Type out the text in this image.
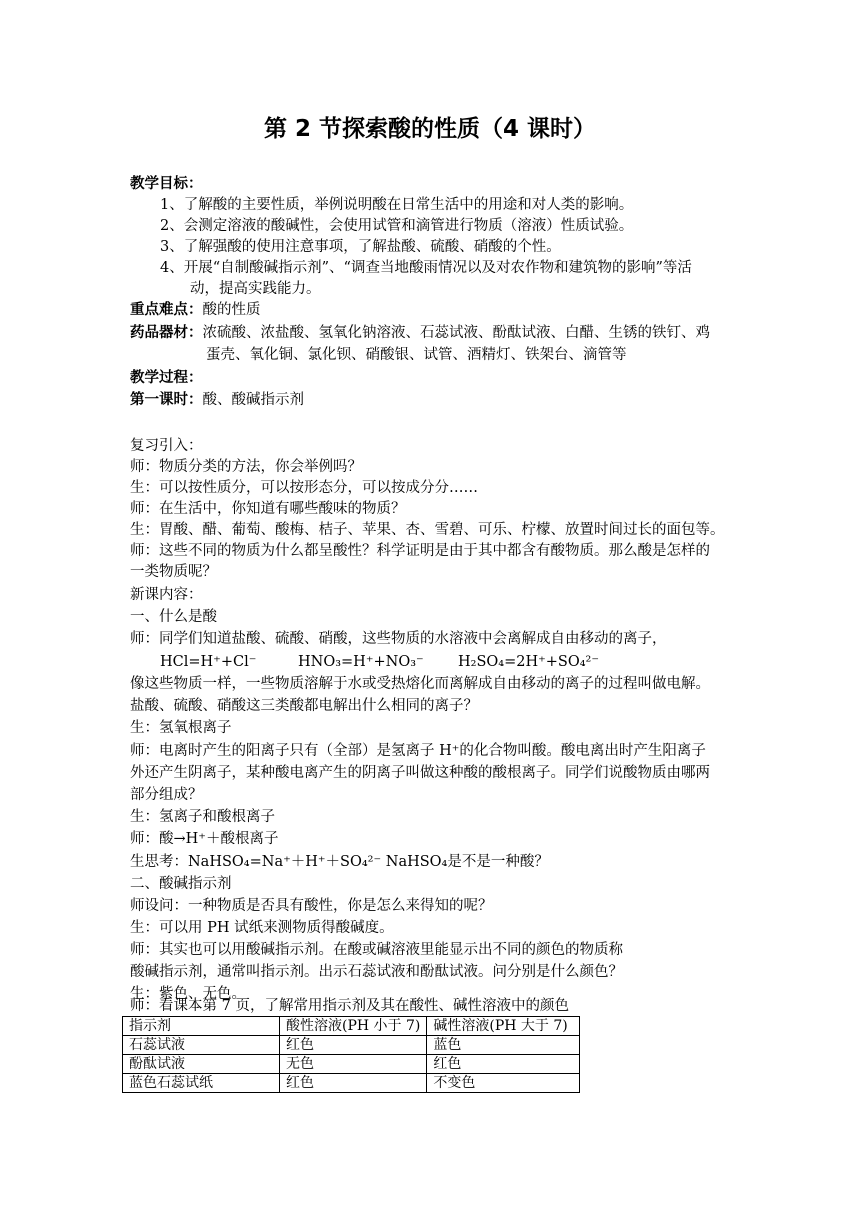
第 2 节探索酸的性质（4 课时）
教学目标：
1、了解酸的主要性质，举例说明酸在日常生活中的用途和对人类的影响。
2、会测定溶液的酸碱性，会使用试管和滴管进行物质（溶液）性质试验。
3、了解强酸的使用注意事项，了解盐酸、硫酸、硝酸的个性。
4、开展“自制酸碱指示剂”、“调查当地酸雨情况以及对农作物和建筑物的影响”等活
动，提高实践能力。
重点难点：酸的性质
药品器材：浓硫酸、浓盐酸、氢氧化钠溶液、石蕊试液、酚酞试液、白醋、生锈的铁钉、鸡
蛋壳、氧化铜、氯化钡、硝酸银、试管、酒精灯、铁架台、滴管等
教学过程：
第一课时：酸、酸碱指示剂
复习引入：
师：物质分类的方法，你会举例吗？
生：可以按性质分，可以按形态分，可以按成分分……
师：在生活中，你知道有哪些酸味的物质？
生：胃酸、醋、葡萄、酸梅、桔子、苹果、杏、雪碧、可乐、柠檬、放置时间过长的面包等。
师：这些不同的物质为什么都呈酸性？科学证明是由于其中都含有酸物质。那么酸是怎样的
一类物质呢？
新课内容：
一、什么是酸
师：同学们知道盐酸、硫酸、硝酸，这些物质的水溶液中会离解成自由移动的离子，
HCl=H⁺+Cl⁻	HNO₃=H⁺+NO₃⁻ H₂SO₄=2H⁺+SO₄²⁻
像这些物质一样，一些物质溶解于水或受热熔化而离解成自由移动的离子的过程叫做电解。
盐酸、硫酸、硝酸这三类酸都电解出什么相同的离子？
生：氢氧根离子
师：电离时产生的阳离子只有（全部）是氢离子 H⁺的化合物叫酸。酸电离出时产生阳离子
外还产生阴离子，某种酸电离产生的阴离子叫做这种酸的酸根离子。同学们说酸物质由哪两
部分组成？
生：氢离子和酸根离子
师：酸→H⁺＋酸根离子
生思考：NaHSO₄=Na⁺＋H⁺＋SO₄²⁻ NaHSO₄是不是一种酸？
二、酸碱指示剂
师设问：一种物质是否具有酸性，你是怎么来得知的呢？
生：可以用 PH 试纸来测物质得酸碱度。
师：其实也可以用酸碱指示剂。在酸或碱溶液里能显示出不同的颜色的物质称
酸碱指示剂，通常叫指示剂。出示石蕊试液和酚酞试液。问分别是什么颜色？
生：紫色、无色。
师：看课本第 7 页，了解常用指示剂及其在酸性、碱性溶液中的颜色
指示剂	酸性溶液(PH 小于 7)	碱性溶液(PH 大于 7)
石蕊试液	红色	蓝色
酚酞试液	无色	红色
蓝色石蕊试纸	红色	不变色
